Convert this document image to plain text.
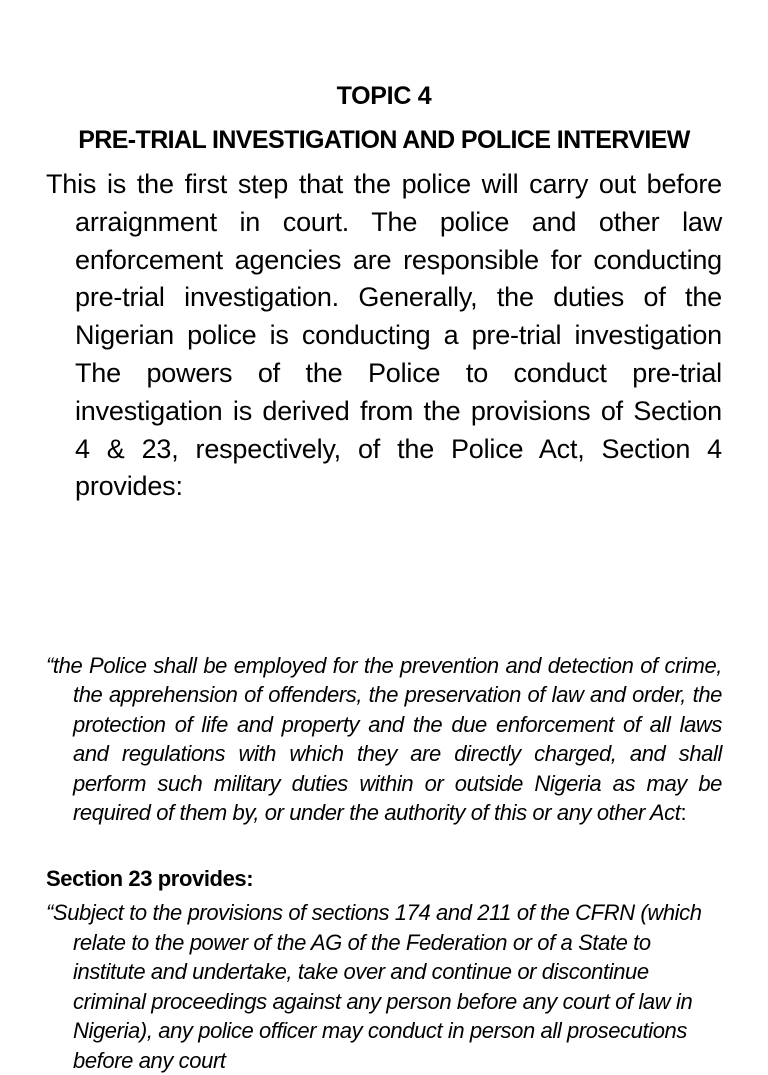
TOPIC 4
PRE-TRIAL INVESTIGATION AND POLICE INTERVIEW
This is the first step that the police will carry out before arraignment in court. The police and other law enforcement agencies are responsible for conducting pre-trial investigation. Generally, the duties of the Nigerian police is conducting a pre-trial investigation The powers of the Police to conduct pre-trial investigation is derived from the provisions of Section 4 & 23, respectively, of the Police Act, Section 4 provides:
“the Police shall be employed for the prevention and detection of crime, the apprehension of offenders, the preservation of law and order, the protection of life and property and the due enforcement of all laws and regulations with which they are directly charged, and shall perform such military duties within or outside Nigeria as may be required of them by, or under the authority of this or any other Act:
Section 23 provides:
“Subject to the provisions of sections 174 and 211 of the CFRN (which relate to the power of the AG of the Federation or of a State to institute and undertake, take over and continue or discontinue criminal proceedings against any person before any court of law in Nigeria), any police officer may conduct in person all prosecutions before any court
